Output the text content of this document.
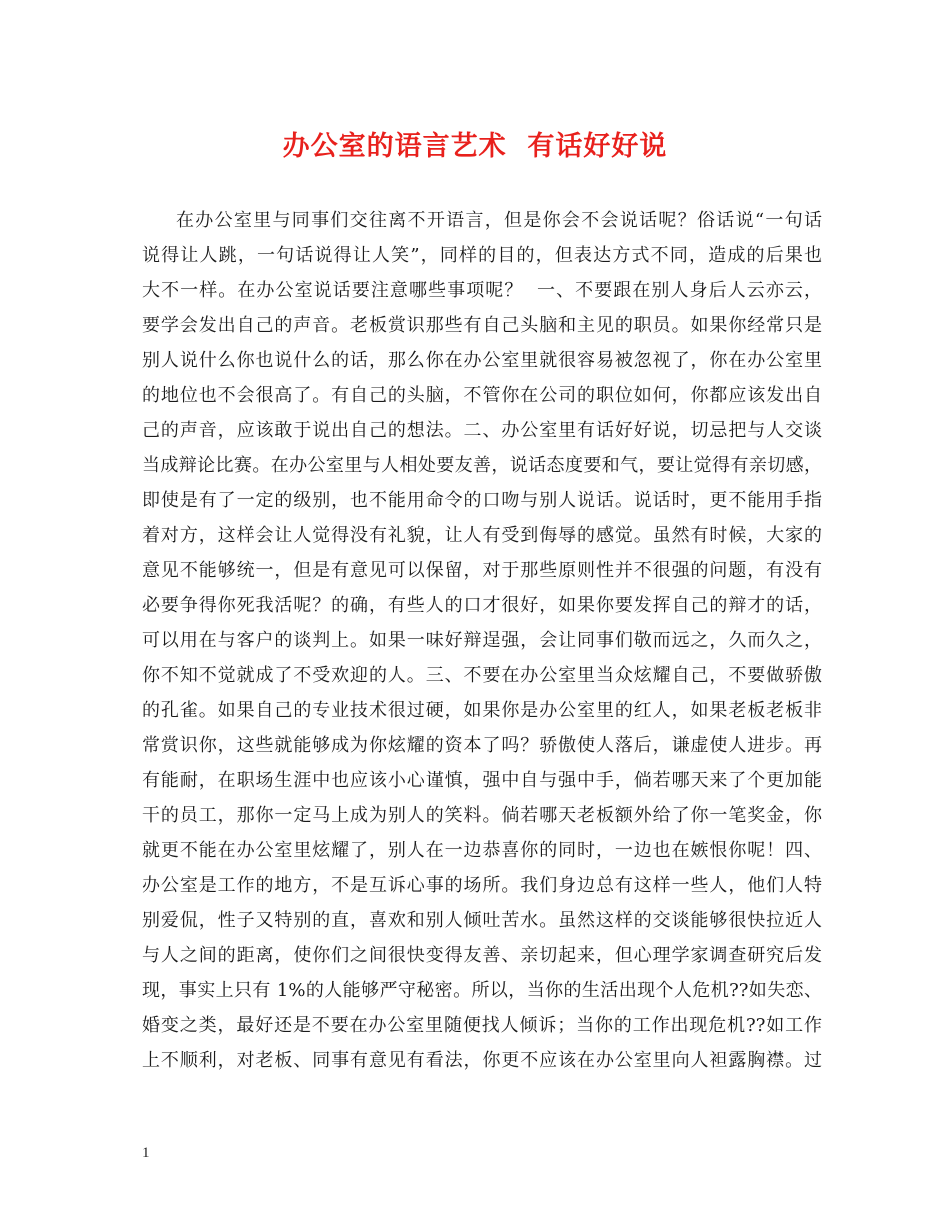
办公室的语言艺术  有话好好说
在办公室里与同事们交往离不开语言，但是你会不会说话呢？俗话说“一句话
说得让人跳，一句话说得让人笑”，同样的目的，但表达方式不同，造成的后果也
大不一样。在办公室说话要注意哪些事项呢？  一、不要跟在别人身后人云亦云，
要学会发出自己的声音。老板赏识那些有自己头脑和主见的职员。如果你经常只是
别人说什么你也说什么的话，那么你在办公室里就很容易被忽视了，你在办公室里
的地位也不会很高了。有自己的头脑，不管你在公司的职位如何，你都应该发出自
己的声音，应该敢于说出自己的想法。二、办公室里有话好好说，切忌把与人交谈
当成辩论比赛。在办公室里与人相处要友善，说话态度要和气，要让觉得有亲切感，
即使是有了一定的级别，也不能用命令的口吻与别人说话。说话时，更不能用手指
着对方，这样会让人觉得没有礼貌，让人有受到侮辱的感觉。虽然有时候，大家的
意见不能够统一，但是有意见可以保留，对于那些原则性并不很强的问题，有没有
必要争得你死我活呢？的确，有些人的口才很好，如果你要发挥自己的辩才的话，
可以用在与客户的谈判上。如果一味好辩逞强，会让同事们敬而远之，久而久之，
你不知不觉就成了不受欢迎的人。三、不要在办公室里当众炫耀自己，不要做骄傲
的孔雀。如果自己的专业技术很过硬，如果你是办公室里的红人，如果老板老板非
常赏识你，这些就能够成为你炫耀的资本了吗？骄傲使人落后，谦虚使人进步。再
有能耐，在职场生涯中也应该小心谨慎，强中自与强中手，倘若哪天来了个更加能
干的员工，那你一定马上成为别人的笑料。倘若哪天老板额外给了你一笔奖金，你
就更不能在办公室里炫耀了，别人在一边恭喜你的同时，一边也在嫉恨你呢！四、
办公室是工作的地方，不是互诉心事的场所。我们身边总有这样一些人，他们人特
别爱侃，性子又特别的直，喜欢和别人倾吐苦水。虽然这样的交谈能够很快拉近人
与人之间的距离，使你们之间很快变得友善、亲切起来，但心理学家调查研究后发
现，事实上只有 1%的人能够严守秘密。所以，当你的生活出现个人危机??如失恋、
婚变之类，最好还是不要在办公室里随便找人倾诉；当你的工作出现危机??如工作
上不顺利，对老板、同事有意见有看法，你更不应该在办公室里向人袒露胸襟。过
1
